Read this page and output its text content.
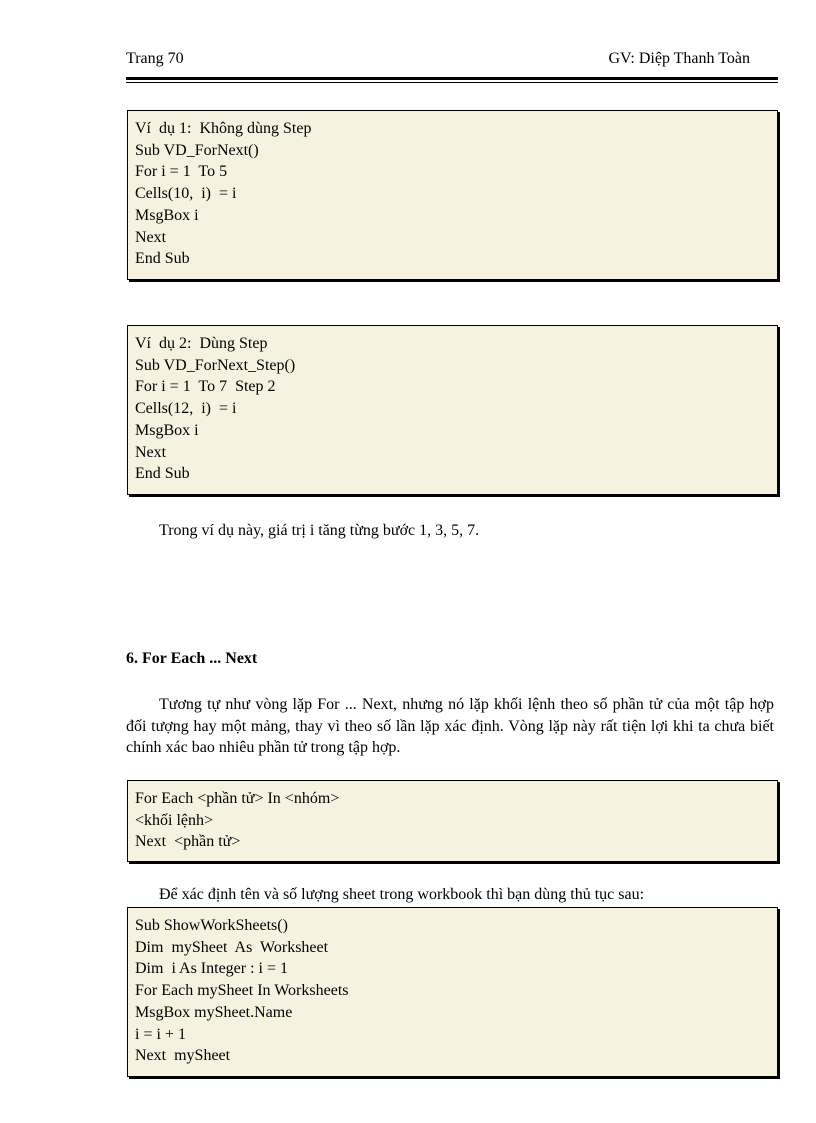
Trang 70	GV: Diệp Thanh Toàn
Ví  dụ 1:  Không dùng Step
Sub VD_ForNext()
For i = 1  To 5
Cells(10,  i)  = i
MsgBox i
Next
End Sub
Ví  dụ 2:  Dùng Step
Sub VD_ForNext_Step()
For i = 1  To 7  Step 2
Cells(12,  i)  = i
MsgBox i
Next
End Sub
Trong ví dụ này, giá trị i tăng từng bước 1, 3, 5, 7.
6. For Each ... Next
Tương tự như vòng lặp For ... Next, nhưng nó lặp khối lệnh theo số phần tử của một tập hợp đối tượng hay một mảng, thay vì theo số lần lặp xác định. Vòng lặp này rất tiện lợi khi ta chưa biết chính xác bao nhiêu phần tử trong tập hợp.
For Each <phần tử> In <nhóm>
<khối lệnh>
Next  <phần tử>
Để xác định tên và số lượng sheet trong workbook thì bạn dùng thủ tục sau:
Sub ShowWorkSheets()
Dim  mySheet  As  Worksheet
Dim  i As Integer : i = 1
For Each mySheet In Worksheets
MsgBox mySheet.Name
i = i + 1
Next  mySheet
